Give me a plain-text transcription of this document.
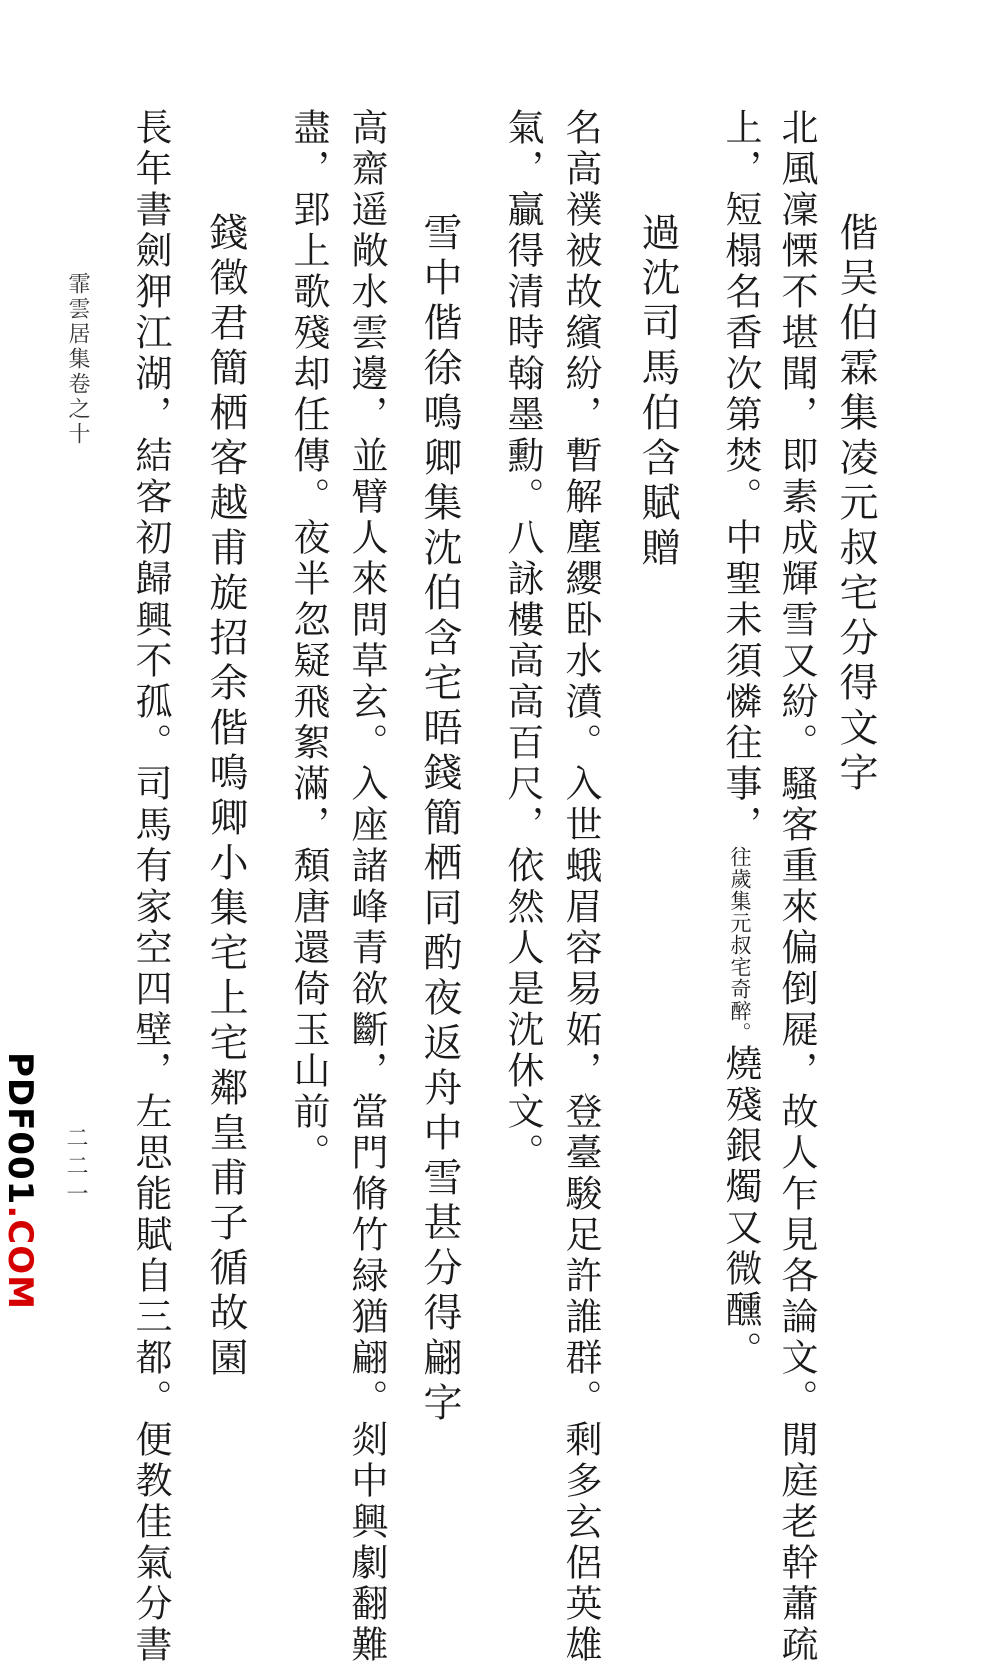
偕吴伯霖集凌元叔宅分得文字
北風凜慄不堪聞，即素成輝雪又紛。騷客重來偏倒屣，故人乍見各論文。閒庭老幹蕭疏
上，短榻名香次第焚。中聖未須憐往事，往歲集元叔宅奇醉。燒殘銀燭又微醺。
過沈司馬伯含賦贈
名高襆被故繽紛，暫解塵纓卧水濆。入世蛾眉容易妬，登臺駿足許誰群。剩多玄侶英雄
氣，贏得清時翰墨勳。八詠樓高高百尺，依然人是沈休文。
雪中偕徐鳴卿集沈伯含宅晤錢簡栖同酌夜返舟中雪甚分得翩字
高齋遥敞水雲邊，並臂人來問草玄。入座諸峰青欲斷，當門脩竹緑猶翩。剡中興劇翻難
盡，郢上歌殘却任傳。夜半忽疑飛絮滿，頽唐還倚玉山前。
錢徵君簡栖客越甫旋招余偕鳴卿小集宅上宅鄰皇甫子循故園
長年書劍狎江湖，結客初歸興不孤。司馬有家空四壁，左思能賦自三都。便教佳氣分書
霏雲居集卷之十
二二一
PDF001.COM
